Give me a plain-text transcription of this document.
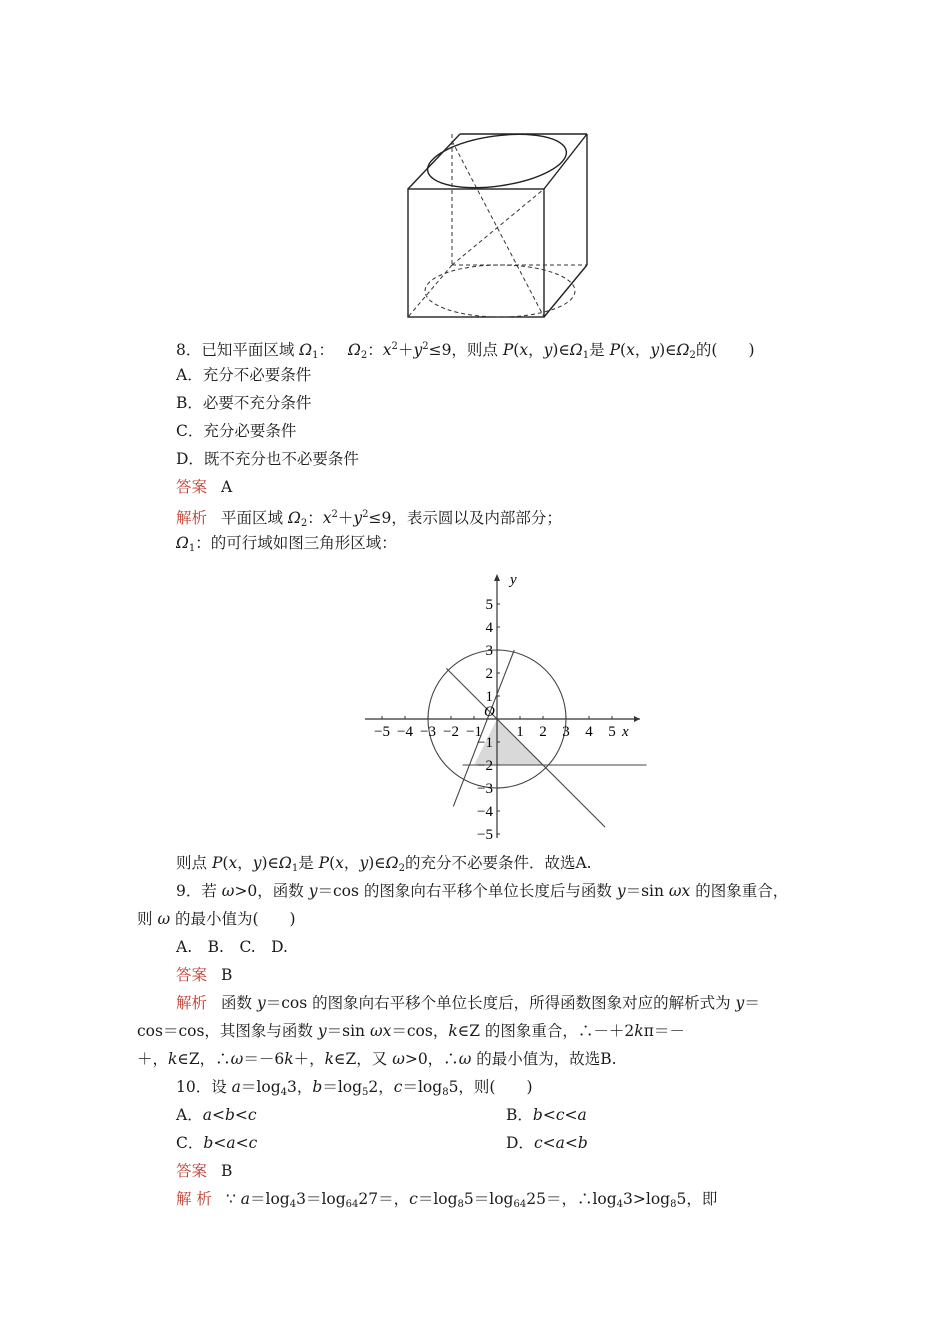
8．已知平面区域 $\Omega_1$： $\Omega_2$：$x^2+y^2\le 9$，则点 P(x，$y)\in\Omega_1$是 P(x，$y)\in\Omega_2$的(　　)
A．充分不必要条件
B．必要不充分条件
C．充分必要条件
D．既不充分也不必要条件
答案 A
解析 平面区域 $\Omega_2$：$x^2+y^2\le 9$，表示圆以及内部部分；
$\Omega_1$：的可行域如图三角形区域：
−5 −4 −3 −2 −1 1 2 3 4 5
5
4
3
2
1
−1
−2
−3
−4
−5
x
y
O
则点 P(x，$y)\in\Omega_1$是 P(x，$y)\in\Omega_2$的充分不必要条件．故选A.
9．若 ω>0，函数 y＝cos 的图象向右平移个单位长度后与函数 y＝sin ωx 的图象重合，
则 ω 的最小值为(　　)
A.　B.　C.　D.
答案 B
解析 函数 y＝cos 的图象向右平移个单位长度后，所得函数图象对应的解析式为 y＝
cos＝cos，其图象与函数 y＝sin ωx＝cos，k∈Z 的图象重合，∴－＋2kπ＝－
＋，k∈Z，∴ω＝－6k＋，k∈Z，又 ω>0，∴ω 的最小值为，故选B.
10．设 $a=\log_43$，$b=\log_52$，$c=\log_85$，则(　　)
A．a<b<c	B．b<c<a
C．b<a<c	D．c<a<b
答案 B
解 析 ∵ $a=\log_43=\log_{64}27=$，$c=\log_85=\log_{64}25=$，$\therefore\log_43>\log_85$，即
